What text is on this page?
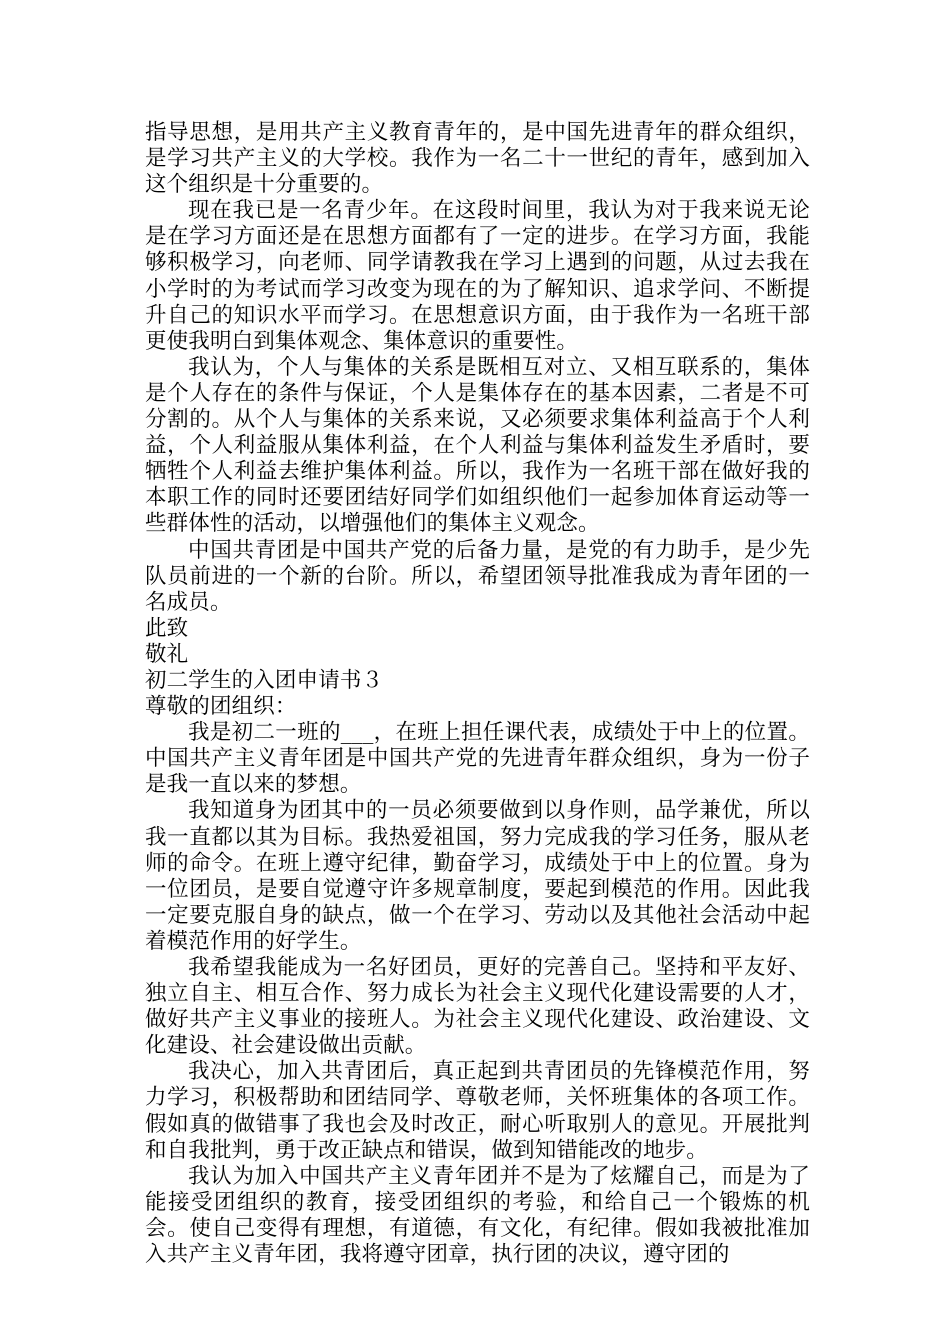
指导思想，是用共产主义教育青年的，是中国先进青年的群众组织，是学习共产主义的大学校。我作为一名二十一世纪的青年，感到加入这个组织是十分重要的。

现在我已是一名青少年。在这段时间里，我认为对于我来说无论是在学习方面还是在思想方面都有了一定的进步。在学习方面，我能够积极学习，向老师、同学请教我在学习上遇到的问题，从过去我在小学时的为考试而学习改变为现在的为了解知识、追求学问、不断提升自己的知识水平而学习。在思想意识方面，由于我作为一名班干部更使我明白到集体观念、集体意识的重要性。

我认为，个人与集体的关系是既相互对立、又相互联系的，集体是个人存在的条件与保证，个人是集体存在的基本因素，二者是不可分割的。从个人与集体的关系来说，又必须要求集体利益高于个人利益，个人利益服从集体利益，在个人利益与集体利益发生矛盾时，要牺牲个人利益去维护集体利益。所以，我作为一名班干部在做好我的本职工作的同时还要团结好同学们如组织他们一起参加体育运动等一些群体性的活动，以增强他们的集体主义观念。

中国共青团是中国共产党的后备力量，是党的有力助手，是少先队员前进的一个新的台阶。所以，希望团领导批准我成为青年团的一名成员。

此致

敬礼

初二学生的入团申请书３

尊敬的团组织：

我是初二一班的___，在班上担任课代表，成绩处于中上的位置。中国共产主义青年团是中国共产党的先进青年群众组织，身为一份子是我一直以来的梦想。

我知道身为团其中的一员必须要做到以身作则，品学兼优，所以我一直都以其为目标。我热爱祖国，努力完成我的学习任务，服从老师的命令。在班上遵守纪律，勤奋学习，成绩处于中上的位置。身为一位团员，是要自觉遵守许多规章制度，要起到模范的作用。因此我一定要克服自身的缺点，做一个在学习、劳动以及其他社会活动中起着模范作用的好学生。

我希望我能成为一名好团员，更好的完善自己。坚持和平友好、独立自主、相互合作、努力成长为社会主义现代化建设需要的人才，做好共产主义事业的接班人。为社会主义现代化建设、政治建设、文化建设、社会建设做出贡献。

我决心，加入共青团后，真正起到共青团员的先锋模范作用，努力学习，积极帮助和团结同学、尊敬老师，关怀班集体的各项工作。假如真的做错事了我也会及时改正，耐心听取别人的意见。开展批判和自我批判，勇于改正缺点和错误，做到知错能改的地步。

我认为加入中国共产主义青年团并不是为了炫耀自己，而是为了能接受团组织的教育，接受团组织的考验，和给自己一个锻炼的机会。使自己变得有理想，有道德，有文化，有纪律。假如我被批准加入共产主义青年团，我将遵守团章，执行团的决议，遵守团的
